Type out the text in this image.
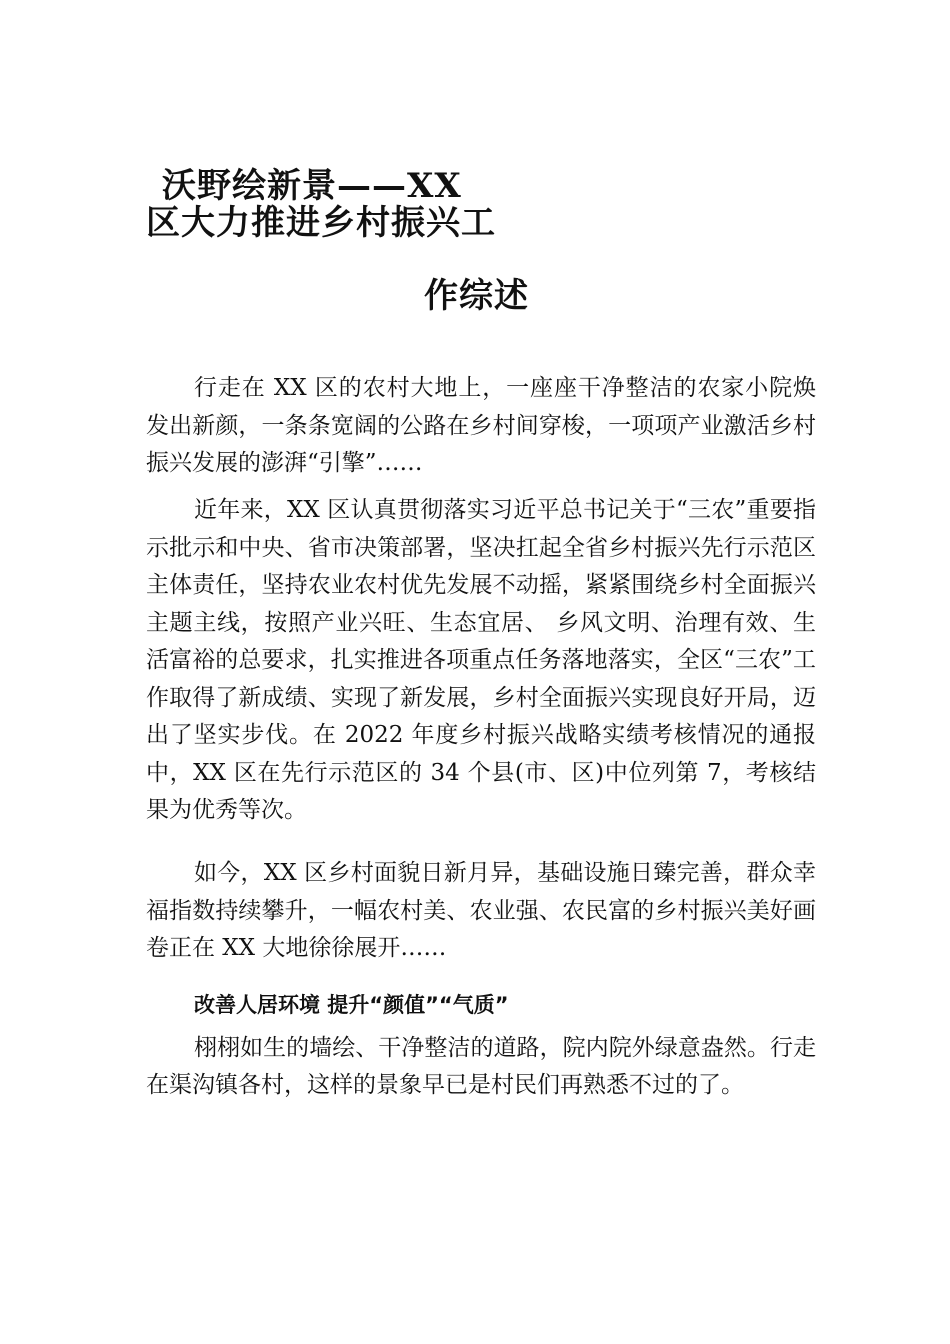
沃野绘新景——XX
区大力推进乡村振兴工
作综述

行走在 XX 区的农村大地上，一座座干净整洁的农家小院焕发出新颜，一条条宽阔的公路在乡村间穿梭，一项项产业激活乡村振兴发展的澎湃“引擎”……

近年来，XX 区认真贯彻落实习近平总书记关于“三农”重要指示批示和中央、省市决策部署，坚决扛起全省乡村振兴先行示范区主体责任，坚持农业农村优先发展不动摇，紧紧围绕乡村全面振兴主题主线，按照产业兴旺、生态宜居、 乡风文明、治理有效、生活富裕的总要求，扎实推进各项重点任务落地落实，全区“三农”工作取得了新成绩、实现了新发展，乡村全面振兴实现良好开局，迈出了坚实步伐。在 2022 年度乡村振兴战略实绩考核情况的通报中，XX 区在先行示范区的 34 个县(市、区)中位列第 7，考核结果为优秀等次。

如今，XX 区乡村面貌日新月异，基础设施日臻完善，群众幸福指数持续攀升，一幅农村美、农业强、农民富的乡村振兴美好画卷正在 XX 大地徐徐展开……

改善人居环境 提升“颜值”“气质”

栩栩如生的墙绘、干净整洁的道路，院内院外绿意盎然。行走在渠沟镇各村，这样的景象早已是村民们再熟悉不过的了。
